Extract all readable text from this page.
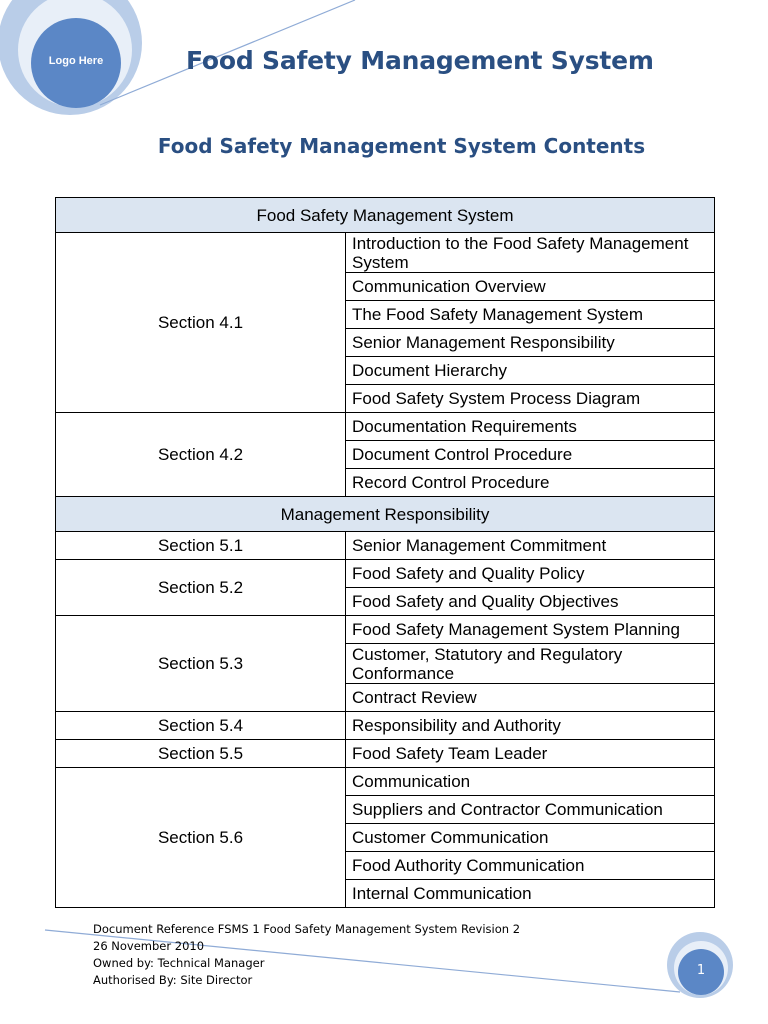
Logo Here	Food Safety Management System
Food Safety Management System Contents
Food Safety Management System	
Section 4.1	Introduction to the Food Safety Management System
	Communication Overview
	The Food Safety Management System
	Senior Management Responsibility
	Document Hierarchy
	Food Safety System Process Diagram
Section 4.2	Documentation Requirements
	Document Control Procedure
	Record Control Procedure
Management Responsibility	
Section 5.1	Senior Management Commitment
Section 5.2	Food Safety and Quality Policy
	Food Safety and Quality Objectives
Section 5.3	Food Safety Management System Planning
	Customer, Statutory and Regulatory Conformance
	Contract Review
Section 5.4	Responsibility and Authority
Section 5.5	Food Safety Team Leader
Section 5.6	Communication
	Suppliers and Contractor Communication
	Customer Communication
	Food Authority Communication
	Internal Communication
Document Reference FSMS 1 Food Safety Management System Revision 2
26 November 2010
Owned by: Technical Manager
Authorised By: Site Director
1
